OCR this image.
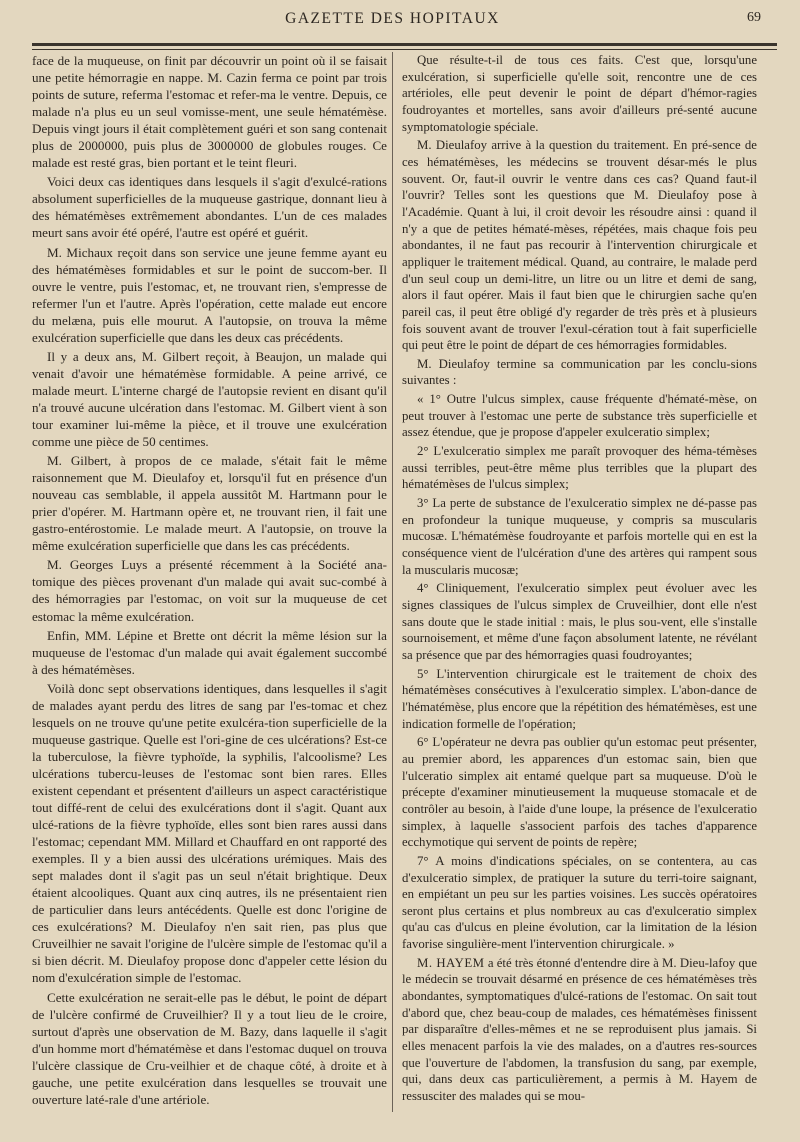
GAZETTE DES HOPITAUX	69

face de la muqueuse, on finit par découvrir un point où il se faisait une petite hémorragie en nappe. M. Cazin ferma ce point par trois points de suture, referma l'estomac et refer-ma le ventre. Depuis, ce malade n'a plus eu un seul vomisse-ment, une seule hématémèse. Depuis vingt jours il était complètement guéri et son sang contenait plus de 2000000, puis plus de 3000000 de globules rouges. Ce malade est resté gras, bien portant et le teint fleuri.

Voici deux cas identiques dans lesquels il s'agit d'exulcé-rations absolument superficielles de la muqueuse gastrique, donnant lieu à des hématémèses extrêmement abondantes. L'un de ces malades meurt sans avoir été opéré, l'autre est opéré et guérit.

M. Michaux reçoit dans son service une jeune femme ayant eu des hématémèses formidables et sur le point de succom-ber. Il ouvre le ventre, puis l'estomac, et, ne trouvant rien, s'empresse de refermer l'un et l'autre. Après l'opération, cette malade eut encore du melæna, puis elle mourut. A l'autopsie, on trouva la même exulcération superficielle que dans les deux cas précédents.

Il y a deux ans, M. Gilbert reçoit, à Beaujon, un malade qui venait d'avoir une hématémèse formidable. A peine arrivé, ce malade meurt. L'interne chargé de l'autopsie revient en disant qu'il n'a trouvé aucune ulcération dans l'estomac. M. Gilbert vient à son tour examiner lui-même la pièce, et il trouve une exulcération comme une pièce de 50 centimes.

M. Gilbert, à propos de ce malade, s'était fait le même raisonnement que M. Dieulafoy et, lorsqu'il fut en présence d'un nouveau cas semblable, il appela aussitôt M. Hartmann pour le prier d'opérer. M. Hartmann opère et, ne trouvant rien, il fait une gastro-entérostomie. Le malade meurt. A l'autopsie, on trouve la même exulcération superficielle que dans les cas précédents.

M. Georges Luys a présenté récemment à la Société ana-tomique des pièces provenant d'un malade qui avait suc-combé à des hémorragies par l'estomac, on voit sur la muqueuse de cet estomac la même exulcération.

Enfin, MM. Lépine et Brette ont décrit la même lésion sur la muqueuse de l'estomac d'un malade qui avait également succombé à des hématémèses.

Voilà donc sept observations identiques, dans lesquelles il s'agit de malades ayant perdu des litres de sang par l'es-tomac et chez lesquels on ne trouve qu'une petite exulcéra-tion superficielle de la muqueuse gastrique. Quelle est l'ori-gine de ces ulcérations? Est-ce la tuberculose, la fièvre typhoïde, la syphilis, l'alcoolisme? Les ulcérations tubercu-leuses de l'estomac sont bien rares. Elles existent cependant et présentent d'ailleurs un aspect caractéristique tout diffé-rent de celui des exulcérations dont il s'agit. Quant aux ulcé-rations de la fièvre typhoïde, elles sont bien rares aussi dans l'estomac; cependant MM. Millard et Chauffard en ont rapporté des exemples. Il y a bien aussi des ulcérations urémiques. Mais des sept malades dont il s'agit pas un seul n'était brightique. Deux étaient alcooliques. Quant aux cinq autres, ils ne présentaient rien de particulier dans leurs antécédents. Quelle est donc l'origine de ces exulcérations? M. Dieulafoy n'en sait rien, pas plus que Cruveilhier ne savait l'origine de l'ulcère simple de l'estomac qu'il a si bien décrit. M. Dieulafoy propose donc d'appeler cette lésion du nom d'exulcération simple de l'estomac.

Cette exulcération ne serait-elle pas le début, le point de départ de l'ulcère confirmé de Cruveilhier? Il y a tout lieu de le croire, surtout d'après une observation de M. Bazy, dans laquelle il s'agit d'un homme mort d'hématémèse et dans l'estomac duquel on trouva l'ulcère classique de Cru-veilhier et de chaque côté, à droite et à gauche, une petite exulcération dans lesquelles se trouvait une ouverture laté-rale d'une artériole.

Que résulte-t-il de tous ces faits. C'est que, lorsqu'une exulcération, si superficielle qu'elle soit, rencontre une de ces artérioles, elle peut devenir le point de départ d'hémor-ragies foudroyantes et mortelles, sans avoir d'ailleurs pré-senté aucune symptomatologie spéciale.

M. Dieulafoy arrive à la question du traitement. En pré-sence de ces hématémèses, les médecins se trouvent désar-més le plus souvent. Or, faut-il ouvrir le ventre dans ces cas? Quand faut-il l'ouvrir? Telles sont les questions que M. Dieulafoy pose à l'Académie. Quant à lui, il croit devoir les résoudre ainsi : quand il n'y a que de petites hématé-mèses, répétées, mais chaque fois peu abondantes, il ne faut pas recourir à l'intervention chirurgicale et appliquer le traitement médical. Quand, au contraire, le malade perd d'un seul coup un demi-litre, un litre ou un litre et demi de sang, alors il faut opérer. Mais il faut bien que le chirurgien sache qu'en pareil cas, il peut être obligé d'y regarder de très près et à plusieurs fois souvent avant de trouver l'exul-cération tout à fait superficielle qui peut être le point de départ de ces hémorragies formidables.

M. Dieulafoy termine sa communication par les conclu-sions suivantes :

« 1° Outre l'ulcus simplex, cause fréquente d'hématé-mèse, on peut trouver à l'estomac une perte de substance très superficielle et assez étendue, que je propose d'appeler exulceratio simplex;

2° L'exulceratio simplex me paraît provoquer des héma-témèses aussi terribles, peut-être même plus terribles que la plupart des hématémèses de l'ulcus simplex;

3° La perte de substance de l'exulceratio simplex ne dé-passe pas en profondeur la tunique muqueuse, y compris sa muscularis mucosæ. L'hématémèse foudroyante et parfois mortelle qui en est la conséquence vient de l'ulcération d'une des artères qui rampent sous la muscularis mucosæ;

4° Cliniquement, l'exulceratio simplex peut évoluer avec les signes classiques de l'ulcus simplex de Cruveilhier, dont elle n'est sans doute que le stade initial : mais, le plus sou-vent, elle s'installe sournoisement, et même d'une façon absolument latente, ne révélant sa présence que par des hémorragies quasi foudroyantes;

5° L'intervention chirurgicale est le traitement de choix des hématémèses consécutives à l'exulceratio simplex. L'abon-dance de l'hématémèse, plus encore que la répétition des hématémèses, est une indication formelle de l'opération;

6° L'opérateur ne devra pas oublier qu'un estomac peut présenter, au premier abord, les apparences d'un estomac sain, bien que l'ulceratio simplex ait entamé quelque part sa muqueuse. D'où le précepte d'examiner minutieusement la muqueuse stomacale et de contrôler au besoin, à l'aide d'une loupe, la présence de l'exulceratio simplex, à laquelle s'associent parfois des taches d'apparence ecchymotique qui servent de points de repère;

7° A moins d'indications spéciales, on se contentera, au cas d'exulceratio simplex, de pratiquer la suture du terri-toire saignant, en empiétant un peu sur les parties voisines. Les succès opératoires seront plus certains et plus nombreux au cas d'exulceratio simplex qu'au cas d'ulcus en pleine évolution, car la limitation de la lésion favorise singulière-ment l'intervention chirurgicale. »

M. HAYEM a été très étonné d'entendre dire à M. Dieu-lafoy que le médecin se trouvait désarmé en présence de ces hématémèses très abondantes, symptomatiques d'ulcé-rations de l'estomac. On sait tout d'abord que, chez beau-coup de malades, ces hématémèses finissent par disparaître d'elles-mêmes et ne se reproduisent plus jamais. Si elles menacent parfois la vie des malades, on a d'autres res-sources que l'ouverture de l'abdomen, la transfusion du sang, par exemple, qui, dans deux cas particulièrement, a permis à M. Hayem de ressusciter des malades qui se mou-
